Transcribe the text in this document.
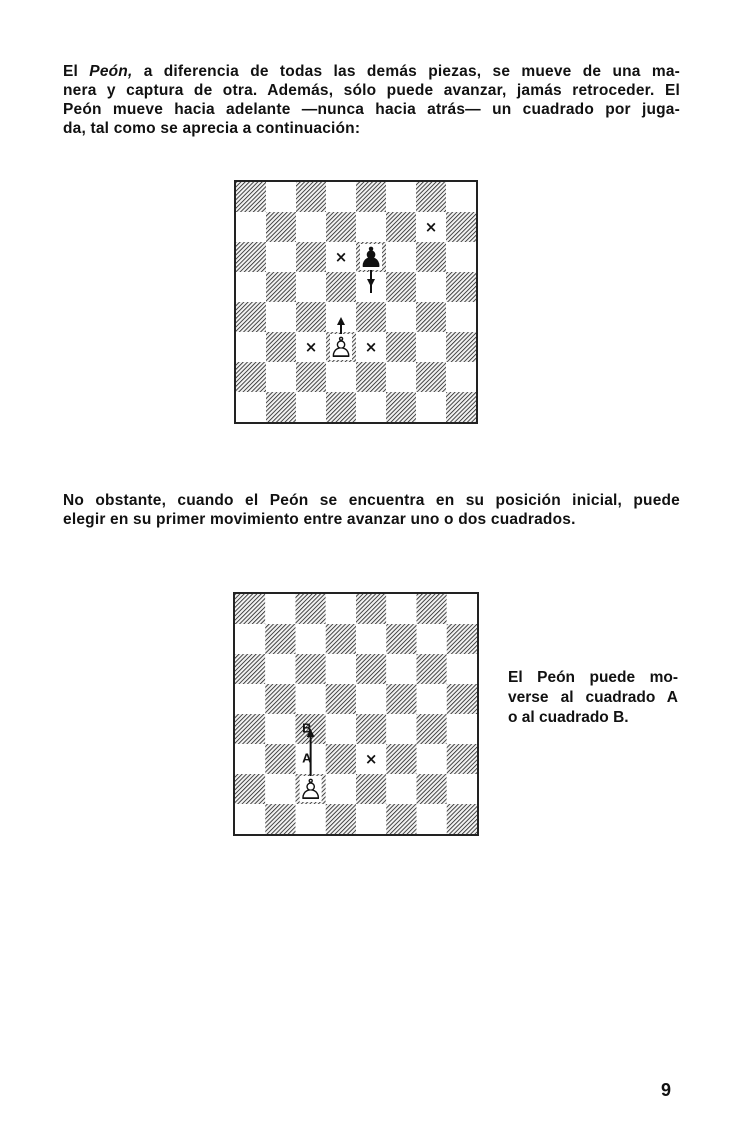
El Peón, a diferencia de todas las demás piezas, se mueve de una ma-
nera y captura de otra. Además, sólo puede avanzar, jamás retroceder. El
Peón mueve hacia adelante —nunca hacia atrás— un cuadrado por juga-
da, tal como se aprecia a continuación:
×
×
×	×
♟
♙
No obstante, cuando el Peón se encuentra en su posición inicial, puede
elegir en su primer movimiento entre avanzar uno o dos cuadrados.
×
A
B
♙
El Peón puede mo-
verse al cuadrado A
o al cuadrado B.
9
